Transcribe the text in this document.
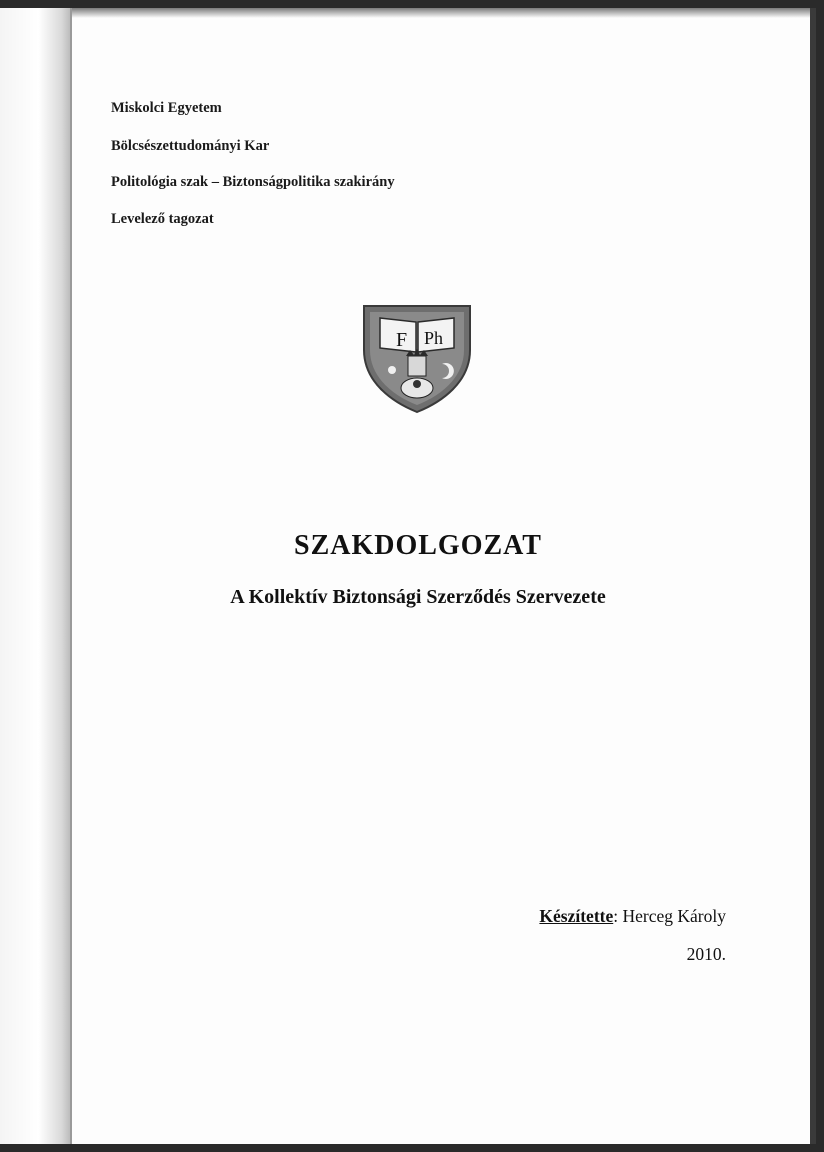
Miskolci Egyetem
Bölcsészettudományi Kar
Politológia szak – Biztonságpolitika szakirány
Levelező tagozat
F Ph
SZAKDOLGOZAT
A Kollektív Biztonsági Szerződés Szervezete
Készítette: Herceg Károly
2010.
